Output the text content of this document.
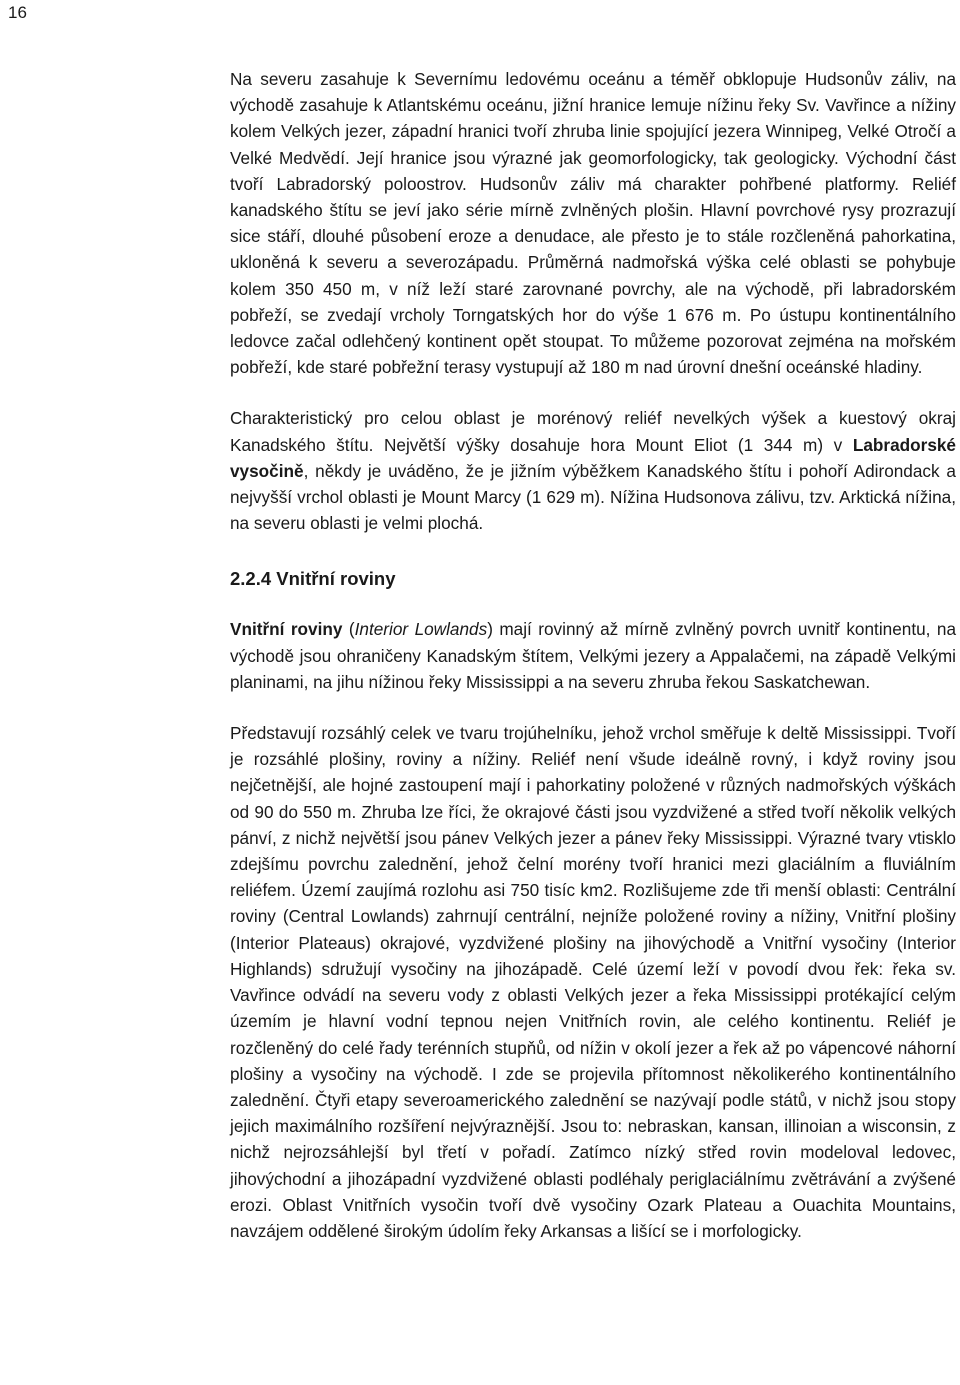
16

Na severu zasahuje k Severnímu ledovému oceánu a téměř obklopuje Hudsonův záliv, na východě zasahuje k Atlantskému oceánu, jižní hranice lemuje nížinu řeky Sv. Vavřince a nížiny kolem Velkých jezer, západní hranici tvoří zhruba linie spojující jezera Winnipeg, Velké Otročí a Velké Medvědí. Její hranice jsou výrazné jak geomorfologicky, tak geologicky. Východní část tvoří Labradorský poloostrov. Hudsonův záliv má charakter pohřbené platformy. Reliéf kanadského štítu se jeví jako série mírně zvlněných plošin. Hlavní povrchové rysy prozrazují sice stáří, dlouhé působení eroze a denudace, ale přesto je to stále rozčleněná pahorkatina, ukloněná k severu a severozápadu. Průměrná nadmořská výška celé oblasti se pohybuje kolem 350 450 m, v níž leží staré zarovnané povrchy, ale na východě, při labradorském pobřeží, se zvedají vrcholy Torngatských hor do výše 1 676 m. Po ústupu kontinentálního ledovce začal odlehčený kontinent opět stoupat. To můžeme pozorovat zejména na mořském pobřeží, kde staré pobřežní terasy vystupují až 180 m nad úrovní dnešní oceánské hladiny.

Charakteristický pro celou oblast je morénový reliéf nevelkých výšek a kuestový okraj Kanadského štítu. Největší výšky dosahuje hora Mount Eliot (1 344 m) v Labradorské vysočině, někdy je uváděno, že je jižním výběžkem Kanadského štítu i pohoří Adirondack a nejvyšší vrchol oblasti je Mount Marcy (1 629 m). Nížina Hudsonova zálivu, tzv. Arktická nížina, na severu oblasti je velmi plochá.

2.2.4 Vnitřní roviny

Vnitřní roviny (Interior Lowlands) mají rovinný až mírně zvlněný povrch uvnitř kontinentu, na východě jsou ohraničeny Kanadským štítem, Velkými jezery a Appalačemi, na západě Velkými planinami, na jihu nížinou řeky Mississippi a na severu zhruba řekou Saskatchewan.

Představují rozsáhlý celek ve tvaru trojúhelníku, jehož vrchol směřuje k deltě Mississippi. Tvoří je rozsáhlé plošiny, roviny a nížiny. Reliéf není všude ideálně rovný, i když roviny jsou nejčetnější, ale hojné zastoupení mají i pahorkatiny položené v různých nadmořských výškách od 90 do 550 m. Zhruba lze říci, že okrajové části jsou vyzdvižené a střed tvoří několik velkých pánví, z nichž největší jsou pánev Velkých jezer a pánev řeky Mississippi. Výrazné tvary vtisklo zdejšímu povrchu zalednění, jehož čelní morény tvoří hranici mezi glaciálním a fluviálním reliéfem. Území zaujímá rozlohu asi 750 tisíc km2. Rozlišujeme zde tři menší oblasti: Centrální roviny (Central Lowlands) zahrnují centrální, nejníže položené roviny a nížiny, Vnitřní plošiny (Interior Plateaus) okrajové, vyzdvižené plošiny na jihovýchodě a Vnitřní vysočiny (Interior Highlands) sdružují vysočiny na jihozápadě. Celé území leží v povodí dvou řek: řeka sv. Vavřince odvádí na severu vody z oblasti Velkých jezer a řeka Mississippi protékající celým územím je hlavní vodní tepnou nejen Vnitřních rovin, ale celého kontinentu. Reliéf je rozčleněný do celé řady terénních stupňů, od nížin v okolí jezer a řek až po vápencové náhorní plošiny a vysočiny na východě. I zde se projevila přítomnost několikerého kontinentálního zalednění. Čtyři etapy severoamerického zalednění se nazývají podle států, v nichž jsou stopy jejich maximálního rozšíření nejvýraznější. Jsou to: nebraskan, kansan, illinoian a wisconsin, z nichž nejrozsáhlejší byl třetí v pořadí. Zatímco nízký střed rovin modeloval ledovec, jihovýchodní a jihozápadní vyzdvižené oblasti podléhaly periglaciálnímu zvětrávání a zvýšené erozi. Oblast Vnitřních vysočin tvoří dvě vysočiny Ozark Plateau a Ouachita Mountains, navzájem oddělené širokým údolím řeky Arkansas a lišící se i morfologicky.
